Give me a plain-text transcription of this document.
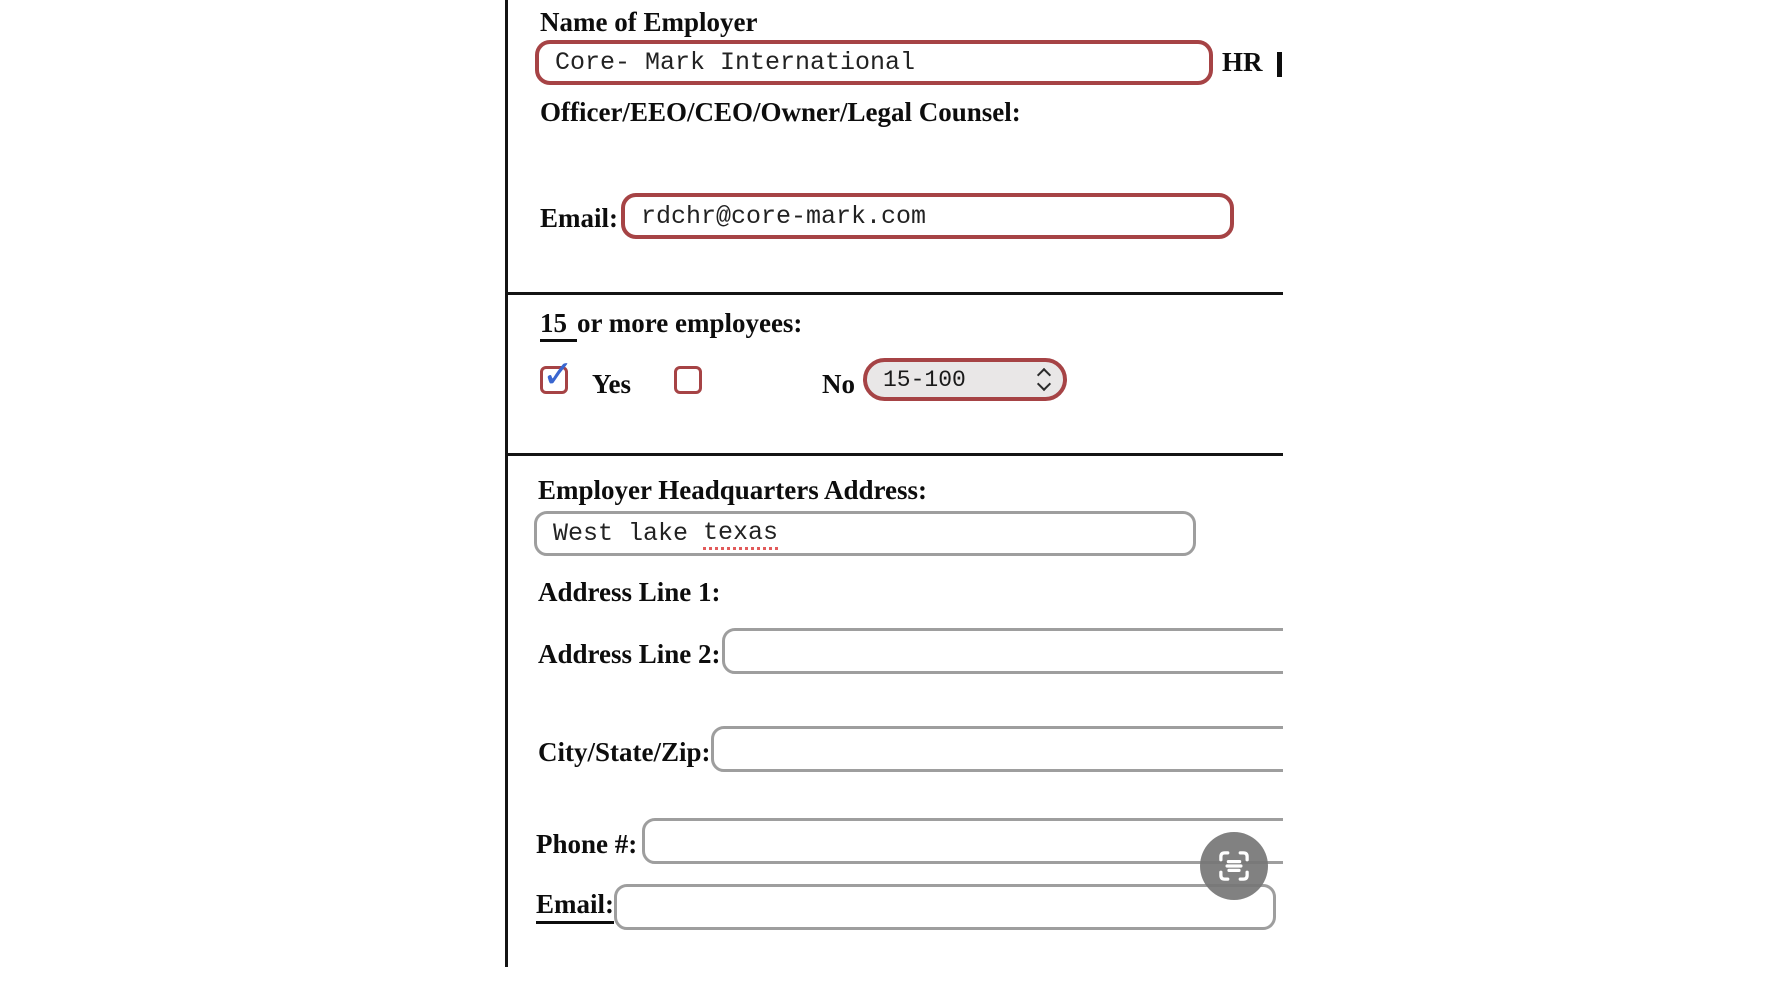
Name of Employer
Core- Mark International
HR
Officer/EEO/CEO/Owner/Legal Counsel:
Email:
rdchr@core-mark.com
15 or more employees:
✓ Yes	No 15-100
Employer Headquarters Address:
West lake
texas
Address Line 1:
Address Line 2:
City/State/Zip:
Phone #:
Email:
